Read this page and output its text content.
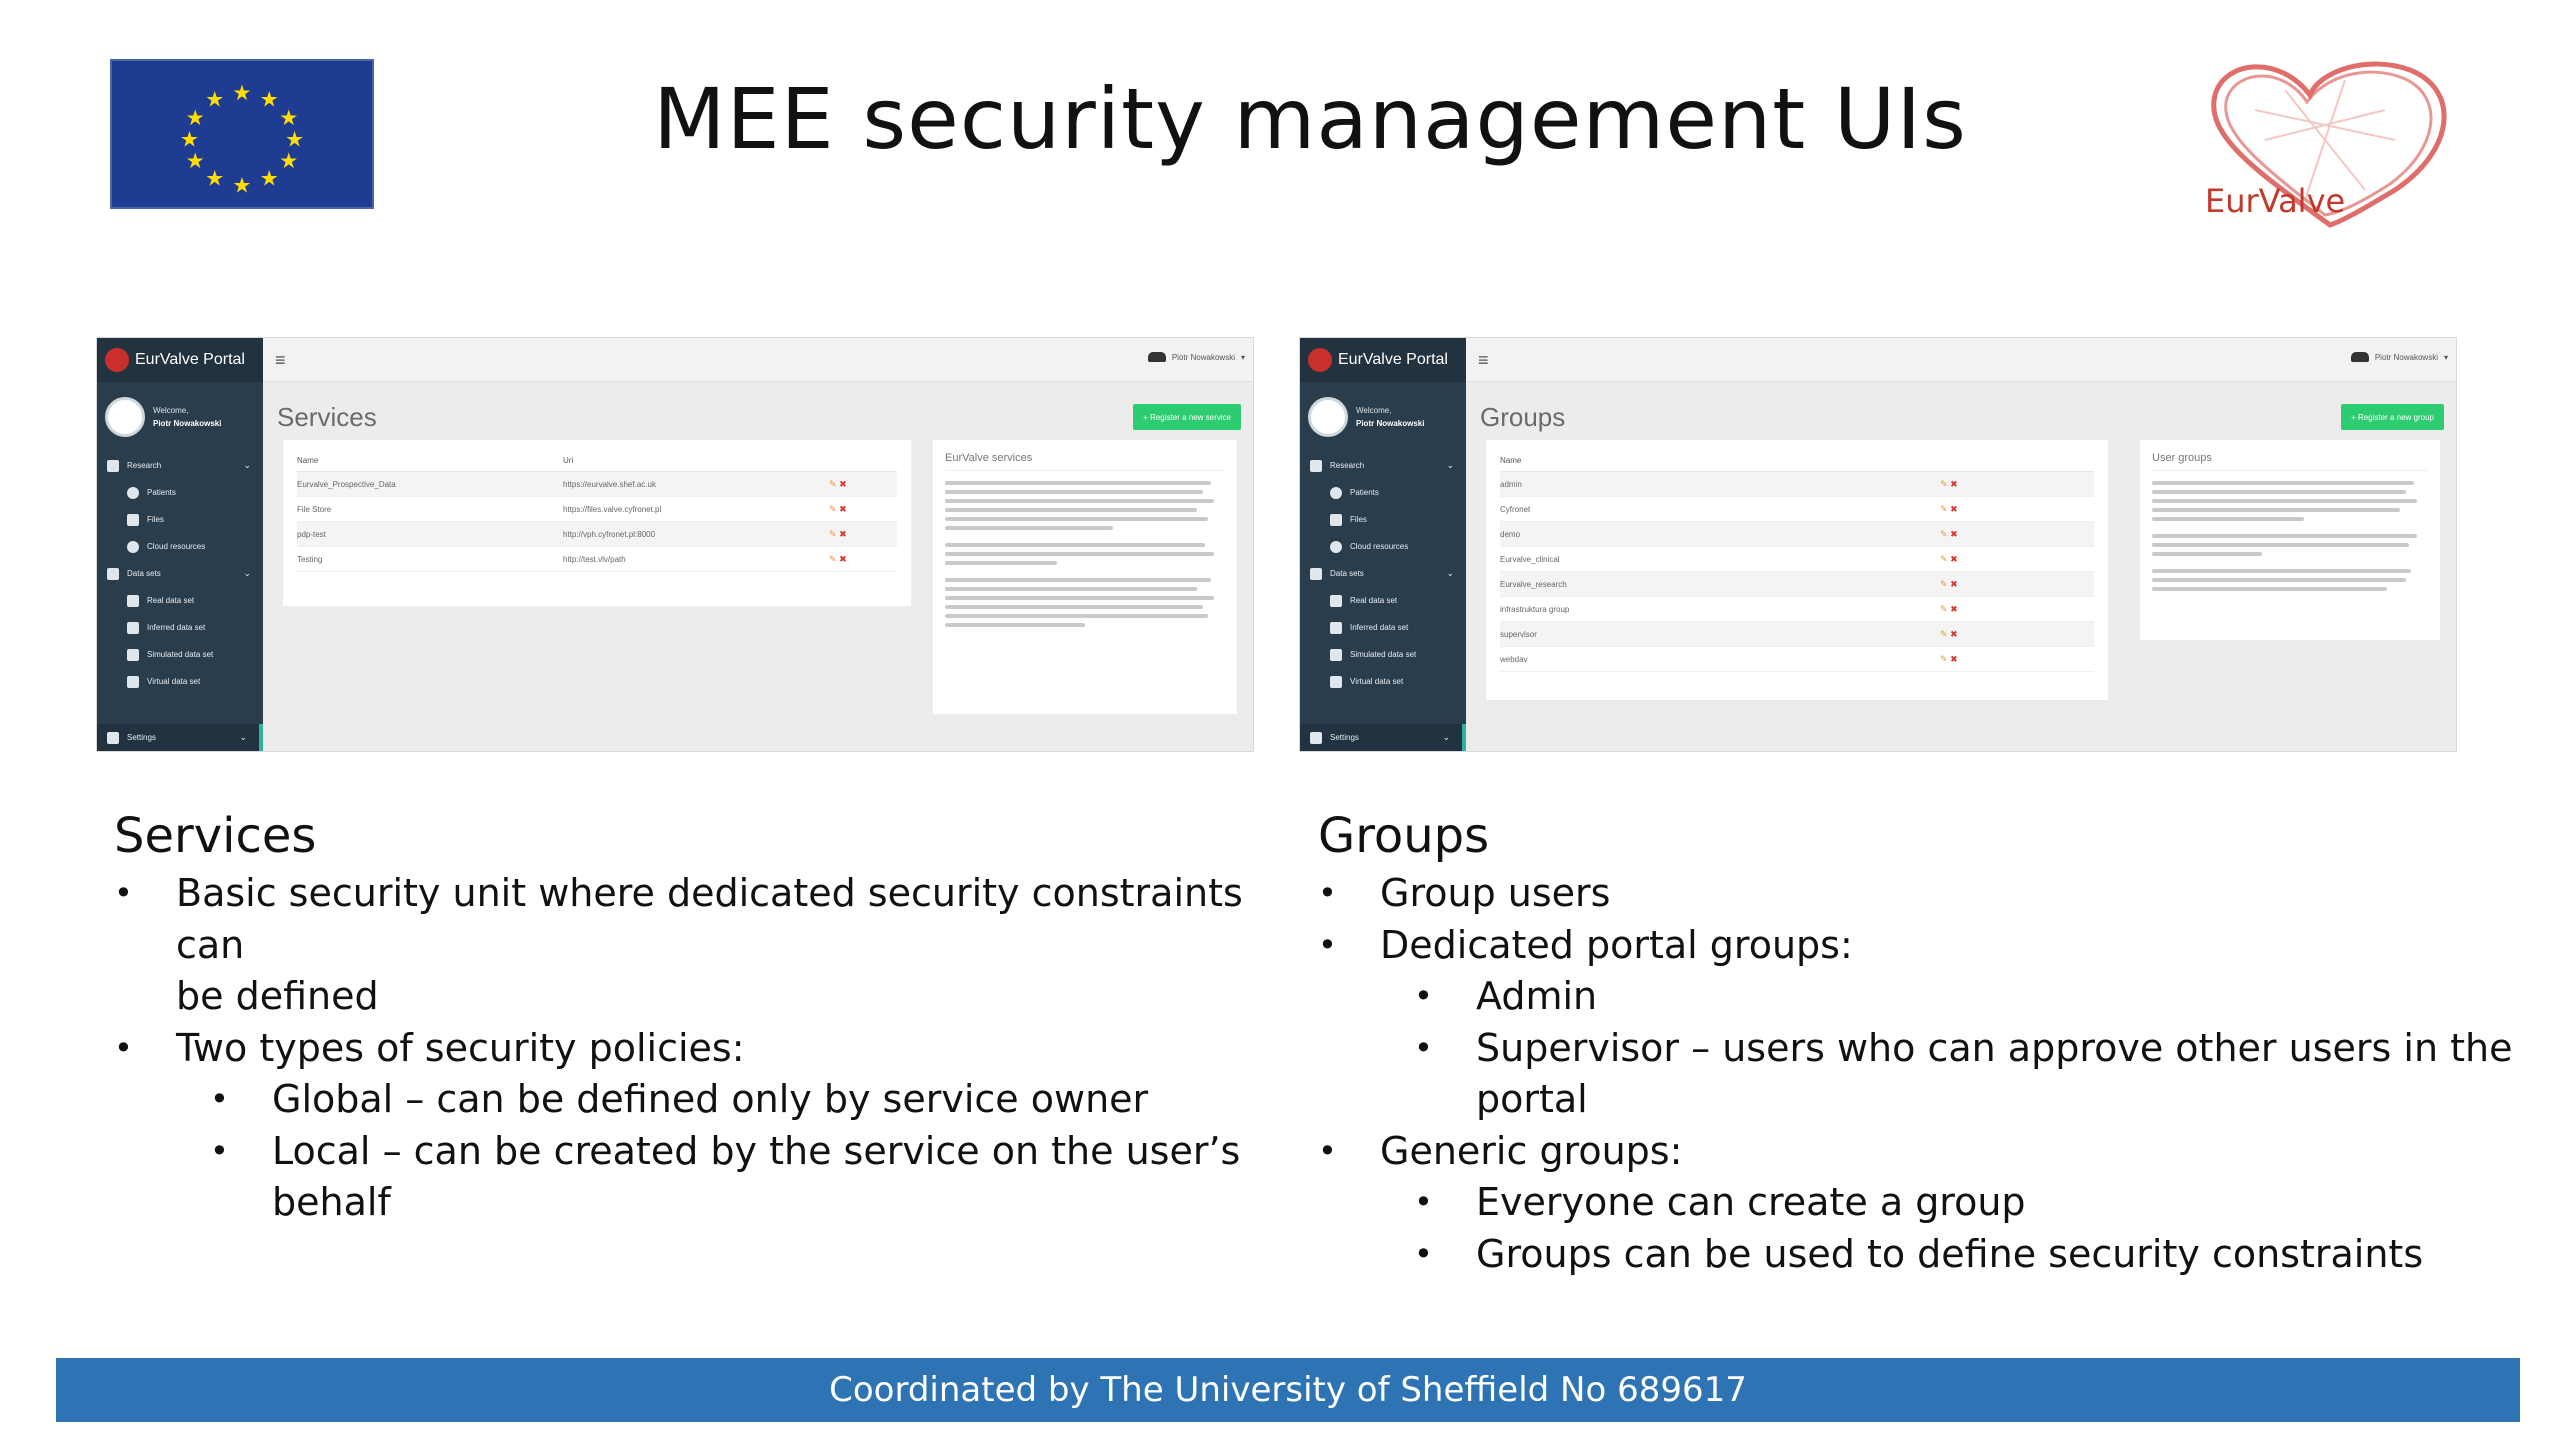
★ ★
★
★
★
★
★
★
★
★
★
★	MEE security management UIs
EurValve
EurValve Portal
Welcome,
Piotr Nowakowski
Research	⌄
Patients
Files
Cloud resources
Data sets	⌄
Real data set
Inferred data set
Simulated data set
Virtual data set
Settings	⌄
≡	Piotr Nowakowski ▾
Services	+ Register a new service
Name	Uri
Eurvalve_Prospective_Data	https://eurvalve.shef.ac.uk	✎ ✖
File Store	https://files.valve.cyfronet.pl	✎ ✖
pdp-test	http://vph.cyfronet.pl:8000	✎ ✖
Testing	http://test.vlv/path	✎ ✖
EurValve services
EurValve Portal
Welcome,
Piotr Nowakowski
Research	⌄
Patients
Files
Cloud resources
Data sets	⌄
Real data set
Inferred data set
Simulated data set
Virtual data set
Settings	⌄
≡	Piotr Nowakowski ▾
Groups	+ Register a new group
Name
admin	✎ ✖
Cyfronet	✎ ✖
demo	✎ ✖
Eurvalve_clinical	✎ ✖
Eurvalve_research	✎ ✖
infrastruktura group	✎ ✖
supervisor	✎ ✖
webdav	✎ ✖
User groups
Services
• Basic security unit where dedicated security constraints can
be defined
• Two types of security policies:
• Global – can be defined only by service owner
• Local – can be created by the service on the user’s
behalf
Groups
• Group users
• Dedicated portal groups:
• Admin
• Supervisor – users who can approve other users in the portal
• Generic groups:
• Everyone can create a group
• Groups can be used to define security constraints
Coordinated by The University of Sheffield No 689617
